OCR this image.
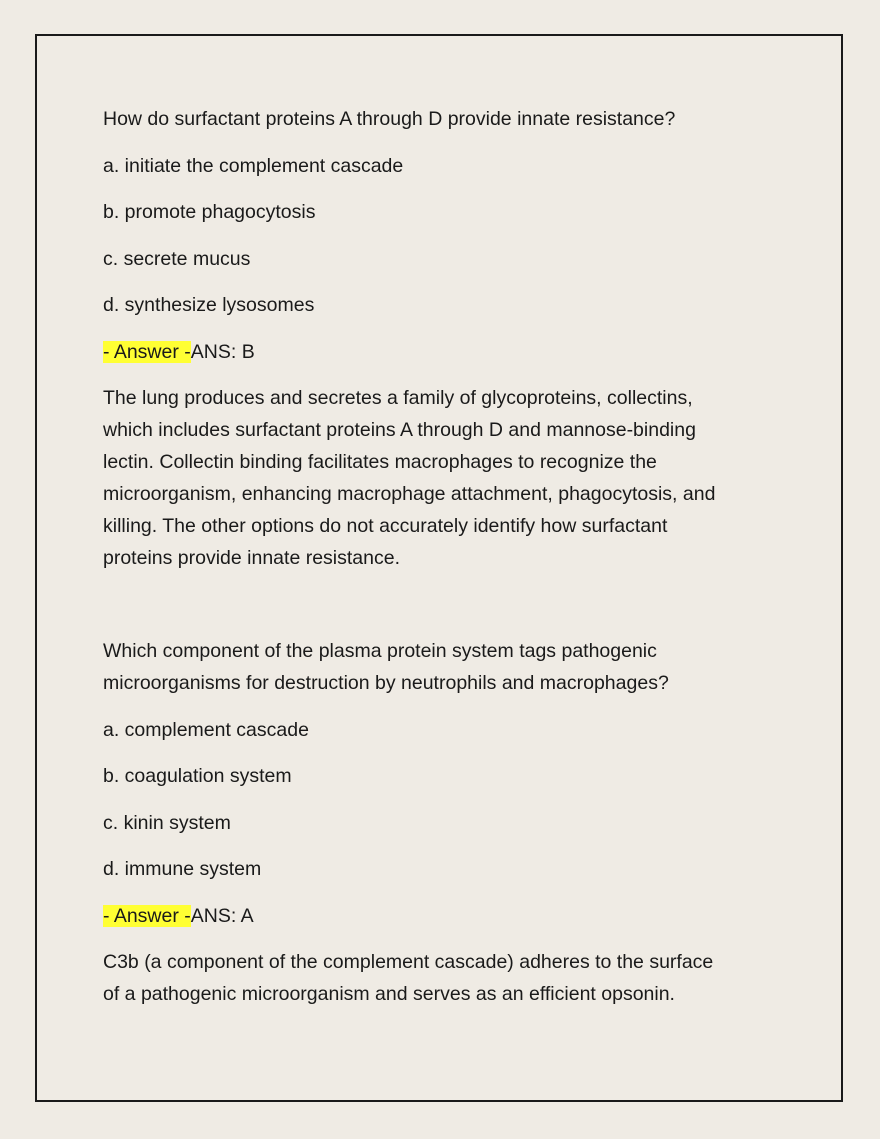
How do surfactant proteins A through D provide innate resistance?
a. initiate the complement cascade
b. promote phagocytosis
c. secrete mucus
d. synthesize lysosomes
- Answer -ANS: B
The lung produces and secretes a family of glycoproteins, collectins,
which includes surfactant proteins A through D and mannose-binding
lectin. Collectin binding facilitates macrophages to recognize the
microorganism, enhancing macrophage attachment, phagocytosis, and
killing. The other options do not accurately identify how surfactant
proteins provide innate resistance.
Which component of the plasma protein system tags pathogenic
microorganisms for destruction by neutrophils and macrophages?
a. complement cascade
b. coagulation system
c. kinin system
d. immune system
- Answer -ANS: A
C3b (a component of the complement cascade) adheres to the surface
of a pathogenic microorganism and serves as an efficient opsonin.
